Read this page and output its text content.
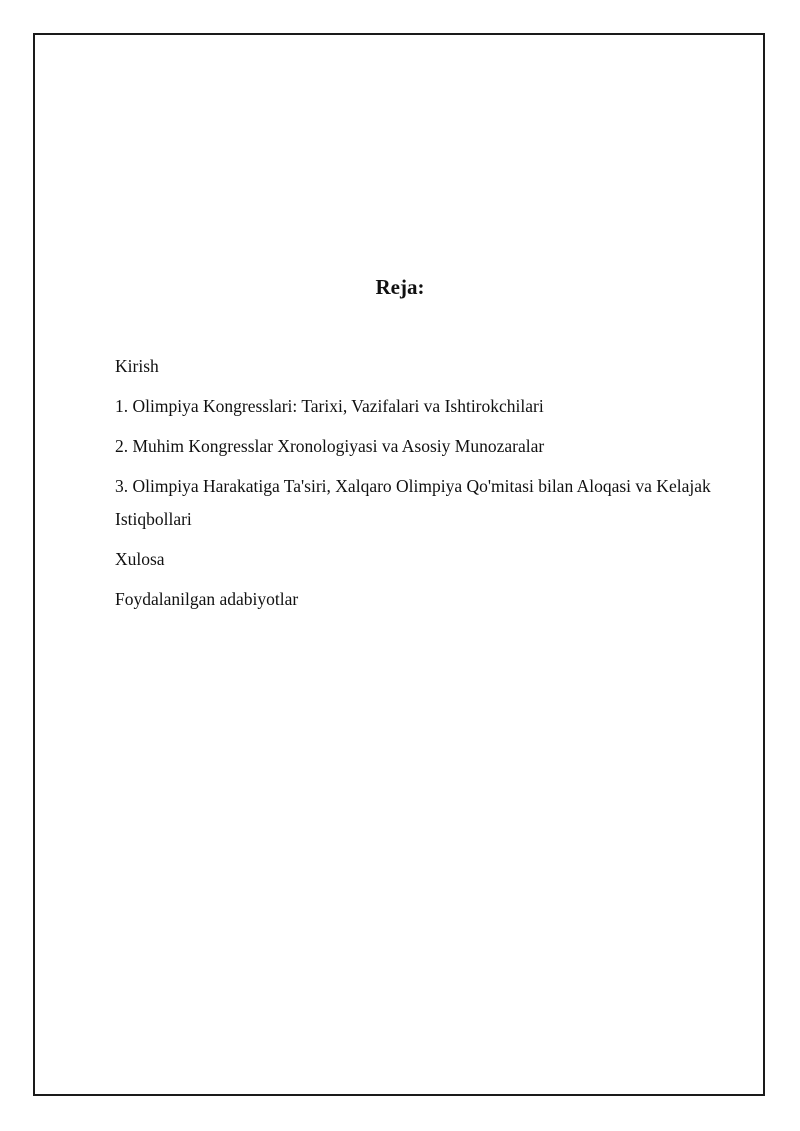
Reja:
Kirish
1. Olimpiya Kongresslari: Tarixi, Vazifalari va Ishtirokchilari
2. Muhim Kongresslar Xronologiyasi va Asosiy Munozaralar
3. Olimpiya Harakatiga Ta'siri, Xalqaro Olimpiya Qo'mitasi bilan Aloqasi va Kelajak Istiqbollari
Xulosa
Foydalanilgan adabiyotlar
